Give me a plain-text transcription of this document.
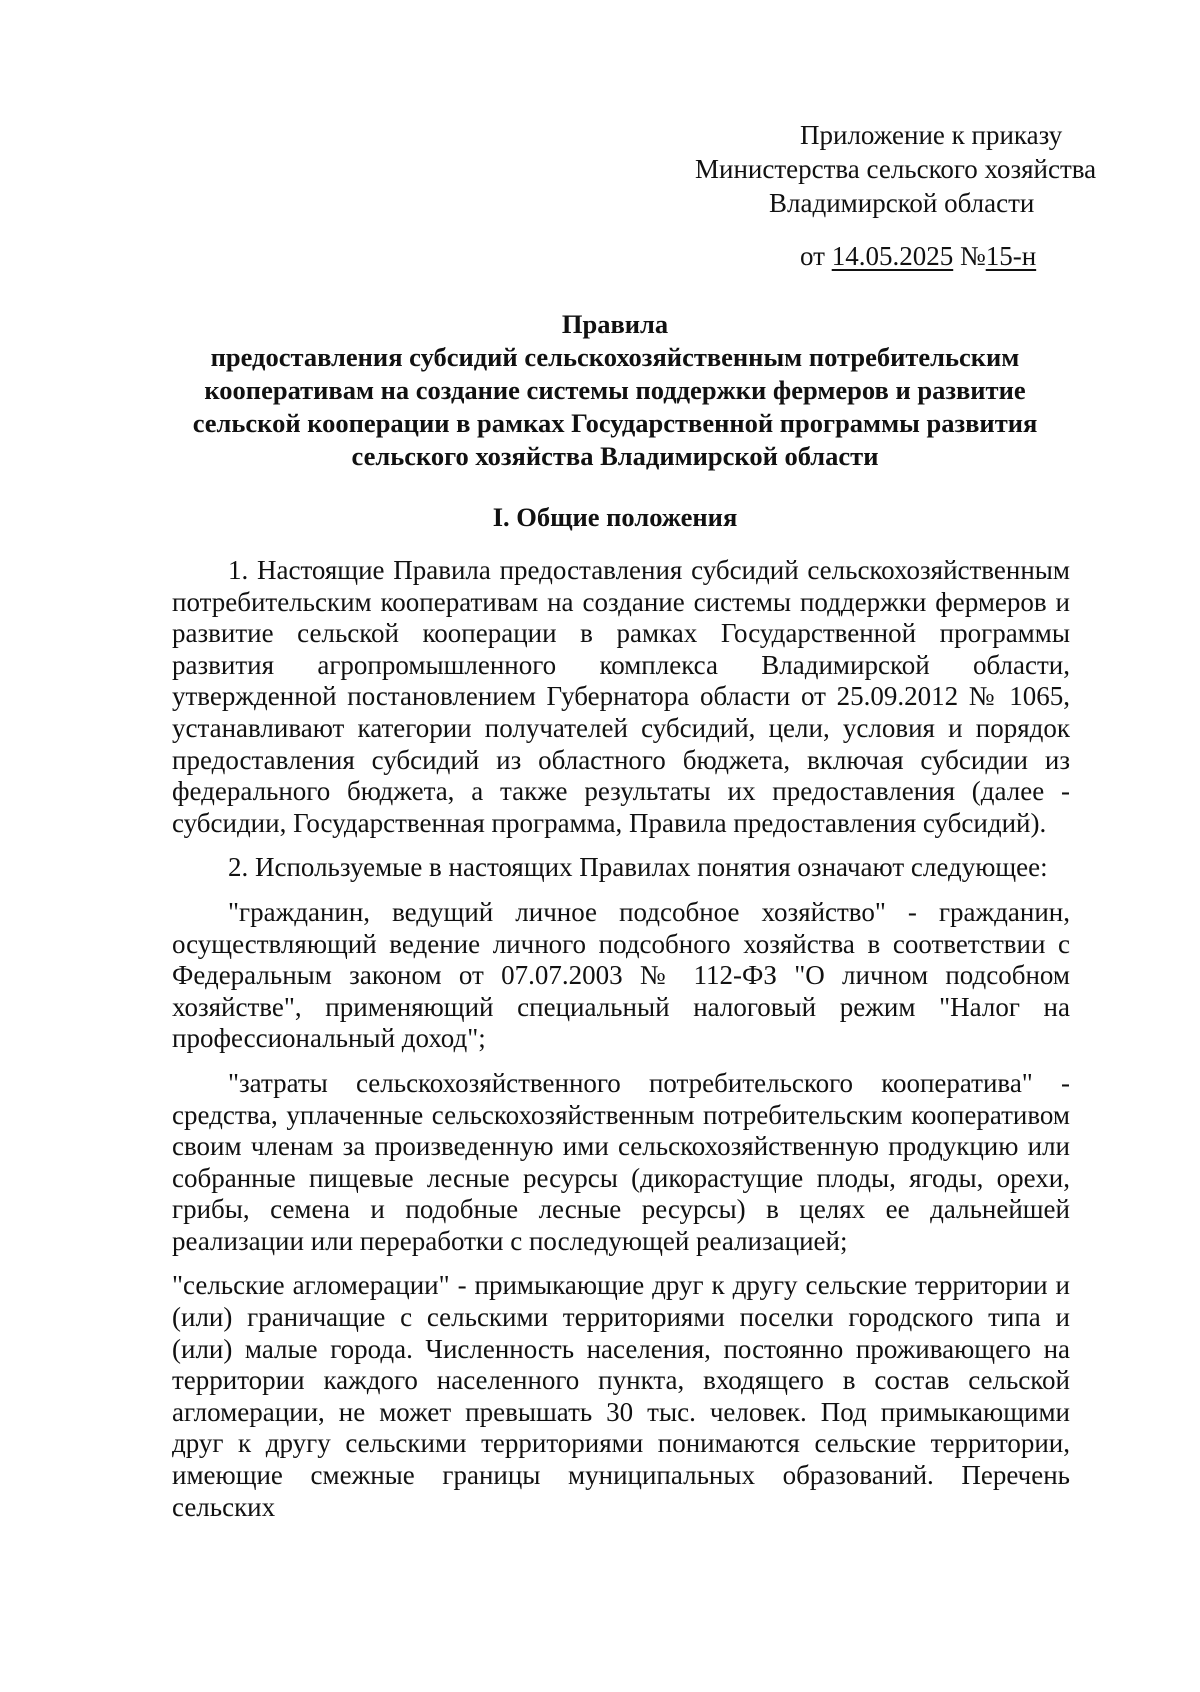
Приложение к приказу
Министерства сельского хозяйства
Владимирской области
от 14.05.2025 №15-н
Правила
предоставления субсидий сельскохозяйственным потребительским
кооперативам на создание системы поддержки фермеров и развитие
сельской кооперации в рамках Государственной программы развития
сельского хозяйства Владимирской области
I. Общие положения

1. Настоящие Правила предоставления субсидий сельскохозяйственным потребительским кооперативам на создание системы поддержки фермеров и развитие сельской кооперации в рамках Государственной программы развития агропромышленного комплекса Владимирской области, утвержденной постановлением Губернатора области от 25.09.2012 № 1065, устанавливают категории получателей субсидий, цели, условия и порядок предоставления субсидий из областного бюджета, включая субсидии из федерального бюджета, а также результаты их предоставления (далее - субсидии, Государственная программа, Правила предоставления субсидий).

2. Используемые в настоящих Правилах понятия означают следующее:

"гражданин, ведущий личное подсобное хозяйство" - гражданин, осуществляющий ведение личного подсобного хозяйства в соответствии с Федеральным законом от 07.07.2003 № 112-ФЗ "О личном подсобном хозяйстве", применяющий специальный налоговый режим "Налог на профессиональный доход";

"затраты сельскохозяйственного потребительского кооператива" - средства, уплаченные сельскохозяйственным потребительским кооперативом своим членам за произведенную ими сельскохозяйственную продукцию или собранные пищевые лесные ресурсы (дикорастущие плоды, ягоды, орехи, грибы, семена и подобные лесные ресурсы) в целях ее дальнейшей реализации или переработки с последующей реализацией;

"сельские агломерации" - примыкающие друг к другу сельские территории и (или) граничащие с сельскими территориями поселки городского типа и (или) малые города. Численность населения, постоянно проживающего на территории каждого населенного пункта, входящего в состав сельской агломерации, не может превышать 30 тыс. человек. Под примыкающими друг к другу сельскими территориями понимаются сельские территории, имеющие смежные границы муниципальных образований. Перечень сельских
